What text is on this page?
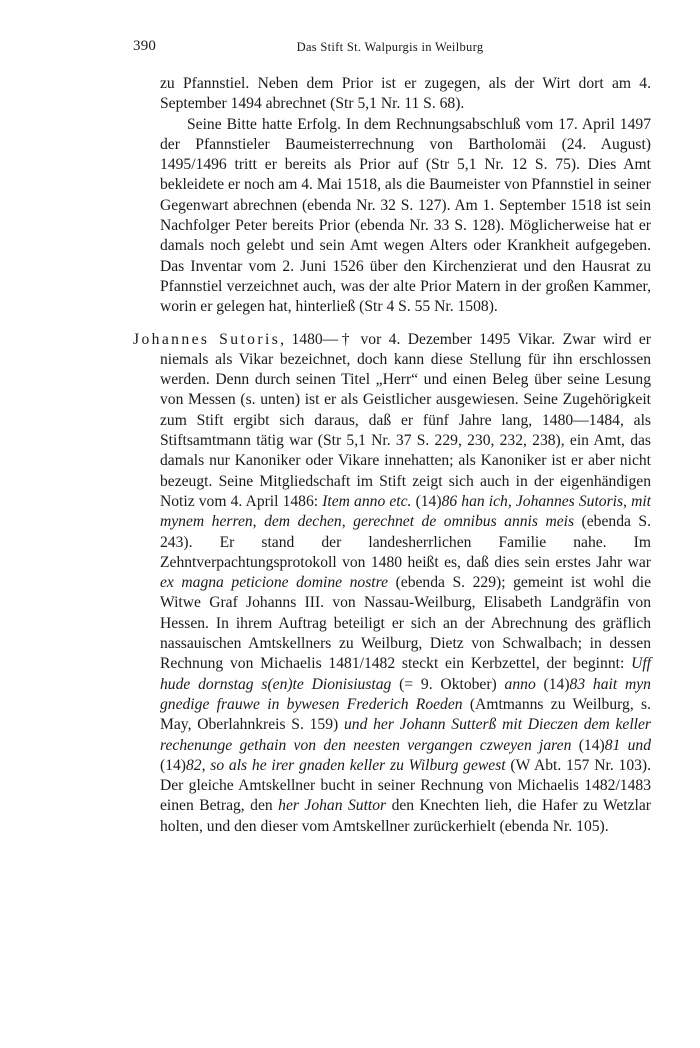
390	Das Stift St. Walpurgis in Weilburg

zu Pfannstiel. Neben dem Prior ist er zugegen, als der Wirt dort am 4. September 1494 abrechnet (Str 5,1 Nr. 11 S. 68).

Seine Bitte hatte Erfolg. In dem Rechnungsabschluß vom 17. April 1497 der Pfannstieler Baumeisterrechnung von Bartholomäi (24. August) 1495/1496 tritt er bereits als Prior auf (Str 5,1 Nr. 12 S. 75). Dies Amt bekleidete er noch am 4. Mai 1518, als die Baumeister von Pfannstiel in seiner Gegenwart abrechnen (ebenda Nr. 32 S. 127). Am 1. September 1518 ist sein Nachfolger Peter bereits Prior (ebenda Nr. 33 S. 128). Möglicherweise hat er damals noch gelebt und sein Amt wegen Alters oder Krankheit aufgegeben. Das Inventar vom 2. Juni 1526 über den Kirchenzierat und den Hausrat zu Pfannstiel verzeichnet auch, was der alte Prior Matern in der großen Kammer, worin er gelegen hat, hinterließ (Str 4 S. 55 Nr. 1508).

Johannes Sutoris, 1480—† vor 4. Dezember 1495 Vikar. Zwar wird er niemals als Vikar bezeichnet, doch kann diese Stellung für ihn erschlossen werden. Denn durch seinen Titel „Herr“ und einen Beleg über seine Lesung von Messen (s. unten) ist er als Geistlicher ausgewiesen. Seine Zugehörigkeit zum Stift ergibt sich daraus, daß er fünf Jahre lang, 1480—1484, als Stiftsamtmann tätig war (Str 5,1 Nr. 37 S. 229, 230, 232, 238), ein Amt, das damals nur Kanoniker oder Vikare innehatten; als Kanoniker ist er aber nicht bezeugt. Seine Mitgliedschaft im Stift zeigt sich auch in der eigenhändigen Notiz vom 4. April 1486: Item anno etc. (14)86 han ich, Johannes Sutoris, mit mynem herren, dem dechen, gerechnet de omnibus annis meis (ebenda S. 243). Er stand der landesherrlichen Familie nahe. Im Zehntverpachtungsprotokoll von 1480 heißt es, daß dies sein erstes Jahr war ex magna peticione domine nostre (ebenda S. 229); gemeint ist wohl die Witwe Graf Johanns III. von Nassau-Weilburg, Elisabeth Landgräfin von Hessen. In ihrem Auftrag beteiligt er sich an der Abrechnung des gräflich nassauischen Amtskellners zu Weilburg, Dietz von Schwalbach; in dessen Rechnung von Michaelis 1481/1482 steckt ein Kerbzettel, der beginnt: Uff hude dornstag s(en)te Dionisiustag (= 9. Oktober) anno (14)83 hait myn gnedige frauwe in bywesen Frederich Roeden (Amtmanns zu Weilburg, s. May, Oberlahnkreis S. 159) und her Johann Sutterß mit Dieczen dem keller rechenunge gethain von den neesten vergangen czweyen jaren (14)81 und (14)82, so als he irer gnaden keller zu Wilburg gewest (W Abt. 157 Nr. 103). Der gleiche Amtskellner bucht in seiner Rechnung von Michaelis 1482/1483 einen Betrag, den her Johan Suttor den Knechten lieh, die Hafer zu Wetzlar holten, und den dieser vom Amtskellner zurückerhielt (ebenda Nr. 105).
